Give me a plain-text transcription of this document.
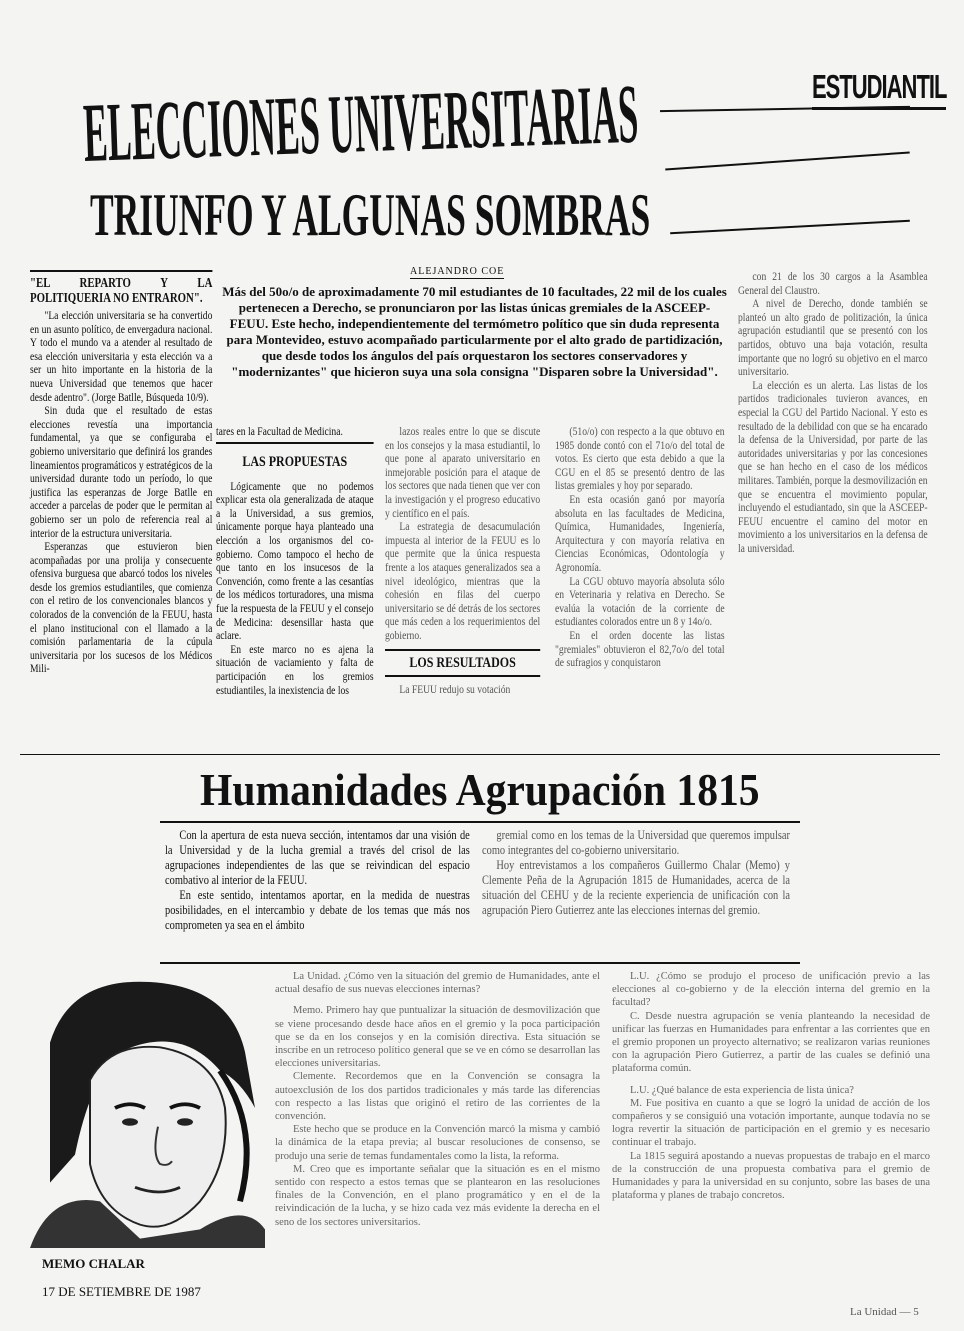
ESTUDIANTIL
ELECCIONES UNIVERSITARIAS
TRIUNFO Y ALGUNAS SOMBRAS
ALEJANDRO COE
Más del 50o/o de aproximadamente 70 mil estudiantes de 10 facultades, 22 mil de los cuales pertenecen a Derecho, se pronunciaron por las listas únicas gremiales de la ASCEEP-FEUU. Este hecho, independientemente del termómetro político que sin duda representa para Montevideo, estuvo acompañado particularmente por el alto grado de partidización, que desde todos los ángulos del país orquestaron los sectores conservadores y "modernizantes" que hicieron suya una sola consigna "Disparen sobre la Universidad".
"EL REPARTO Y LA POLITIQUERIA NO ENTRARON".

"La elección universitaria se ha convertido en un asunto político, de envergadura nacional. Y todo el mundo va a atender al resultado de esa elección universitaria y esta elección va a ser un hito importante en la historia de la nueva Universidad que tenemos que hacer desde adentro". (Jorge Batlle, Búsqueda 10/9).

Sin duda que el resultado de estas elecciones revestía una importancia fundamental, ya que se configuraba el gobierno universitario que definirá los grandes lineamientos programáticos y estratégicos de la universidad durante todo un período, lo que justifica las esperanzas de Jorge Batlle en acceder a parcelas de poder que le permitan al gobierno ser un polo de referencia real al interior de la estructura universitaria.

Esperanzas que estuvieron bien acompañadas por una prolija y consecuente ofensiva burguesa que abarcó todos los niveles desde los gremios estudiantiles, que comienza con el retiro de los convencionales blancos y colorados de la convención de la FEUU, hasta el plano institucional con el llamado a la comisión parlamentaria de la cúpula universitaria por los sucesos de los Médicos Mili-

tares en la Facultad de Medicina.
LAS PROPUESTAS

Lógicamente que no podemos explicar esta ola generalizada de ataque a la Universidad, a sus gremios, únicamente porque haya planteado una elección a los organismos del co-gobierno. Como tampoco el hecho de que tanto en los insucesos de la Convención, como frente a las cesantías de los médicos torturadores, una misma fue la respuesta de la FEUU y el consejo de Medicina: desensillar hasta que aclare.

En este marco no es ajena la situación de vaciamiento y falta de participación en los gremios estudiantiles, la inexistencia de los

lazos reales entre lo que se discute en los consejos y la masa estudiantil, lo que pone al aparato universitario en inmejorable posición para el ataque de los sectores que nada tienen que ver con la investigación y el progreso educativo y científico en el país.

La estrategia de desacumulación impuesta al interior de la FEUU es lo que permite que la única respuesta frente a los ataques generalizados sea a nivel ideológico, mientras que la cohesión en filas del cuerpo universitario se dé detrás de los sectores que más ceden a los requerimientos del gobierno.

LOS RESULTADOS

La FEUU redujo su votación

(51o/o) con respecto a la que obtuvo en 1985 donde contó con el 71o/o del total de votos. Es cierto que esta debido a que la CGU en el 85 se presentó dentro de las listas gremiales y hoy por separado.

En esta ocasión ganó por mayoría absoluta en las facultades de Medicina, Química, Humanidades, Ingeniería, Arquitectura y con mayoría relativa en Ciencias Económicas, Odontología y Agronomía.

La CGU obtuvo mayoría absoluta sólo en Veterinaria y relativa en Derecho. Se evalúa la votación de la corriente de estudiantes colorados entre un 8 y 14o/o.

En el orden docente las listas "gremiales" obtuvieron el 82,7o/o del total de sufragios y conquistaron

con 21 de los 30 cargos a la Asamblea General del Claustro.

A nivel de Derecho, donde también se planteó un alto grado de politización, la única agrupación estudiantil que se presentó con los partidos, obtuvo una baja votación, resulta importante que no logró su objetivo en el marco universitario.

La elección es un alerta. Las listas de los partidos tradicionales tuvieron avances, en especial la CGU del Partido Nacional. Y esto es resultado de la debilidad con que se ha encarado la defensa de la Universidad, por parte de las autoridades universitarias y por las concesiones que se han hecho en el caso de los médicos militares. También, porque la desmovilización en que se encuentra el movimiento popular, incluyendo el estudiantado, sin que la ASCEEP-FEUU encuentre el camino del motor en movimiento a los universitarios en la defensa de la universidad.

Humanidades Agrupación 1815

Con la apertura de esta nueva sección, intentamos dar una visión de la Universidad y de la lucha gremial a través del crisol de las agrupaciones independientes de las que se reivindican del espacio combativo al interior de la FEUU.

En este sentido, intentamos aportar, en la medida de nuestras posibilidades, en el intercambio y debate de los temas que más nos comprometen ya sea en el ámbito

gremial como en los temas de la Universidad que queremos impulsar como integrantes del co-gobierno universitario.

Hoy entrevistamos a los compañeros Guillermo Chalar (Memo) y Clemente Peña de la Agrupación 1815 de Humanidades, acerca de la situación del CEHU y de la reciente experiencia de unificación con la agrupación Piero Gutierrez ante las elecciones internas del gremio.

MEMO CHALAR

La Unidad. ¿Cómo ven la situación del gremio de Humanidades, ante el actual desafío de sus nuevas elecciones internas?

Memo. Primero hay que puntualizar la situación de desmovilización que se viene procesando desde hace años en el gremio y la poca participación que se da en los consejos y en la comisión directiva. Esta situación se inscribe en un retroceso político general que se ve en cómo se desarrollan las elecciones universitarias.

Clemente. Recordemos que en la Convención se consagra la autoexclusión de los dos partidos tradicionales y más tarde las diferencias con respecto a las listas que originó el retiro de las corrientes de la convención.

Este hecho que se produce en la Convención marcó la misma y cambió la dinámica de la etapa previa; al buscar resoluciones de consenso, se produjo una serie de temas fundamentales como la lista, la reforma.

M. Creo que es importante señalar que la situación es en el mismo sentido con respecto a estos temas que se plantearon en las resoluciones finales de la Convención, en el plano programático y en el de la reivindicación de la lucha, y se hizo cada vez más evidente la derecha en el seno de los sectores universitarios.

L.U. ¿Cómo se produjo el proceso de unificación previo a las elecciones al co-gobierno y de la elección interna del gremio en la facultad?

C. Desde nuestra agrupación se venía planteando la necesidad de unificar las fuerzas en Humanidades para enfrentar a las corrientes que en el gremio proponen un proyecto alternativo; se realizaron varias reuniones con la agrupación Piero Gutierrez, a partir de las cuales se definió una plataforma común.

L.U. ¿Qué balance de esta experiencia de lista única?

M. Fue positiva en cuanto a que se logró la unidad de acción de los compañeros y se consiguió una votación importante, aunque todavía no se logra revertir la situación de participación en el gremio y es necesario continuar el trabajo.

La 1815 seguirá apostando a nuevas propuestas de trabajo en el marco de la construcción de una propuesta combativa para el gremio de Humanidades y para la universidad en su conjunto, sobre las bases de una plataforma y planes de trabajo concretos.

17 DE SETIEMBRE DE 1987
La Unidad — 5
